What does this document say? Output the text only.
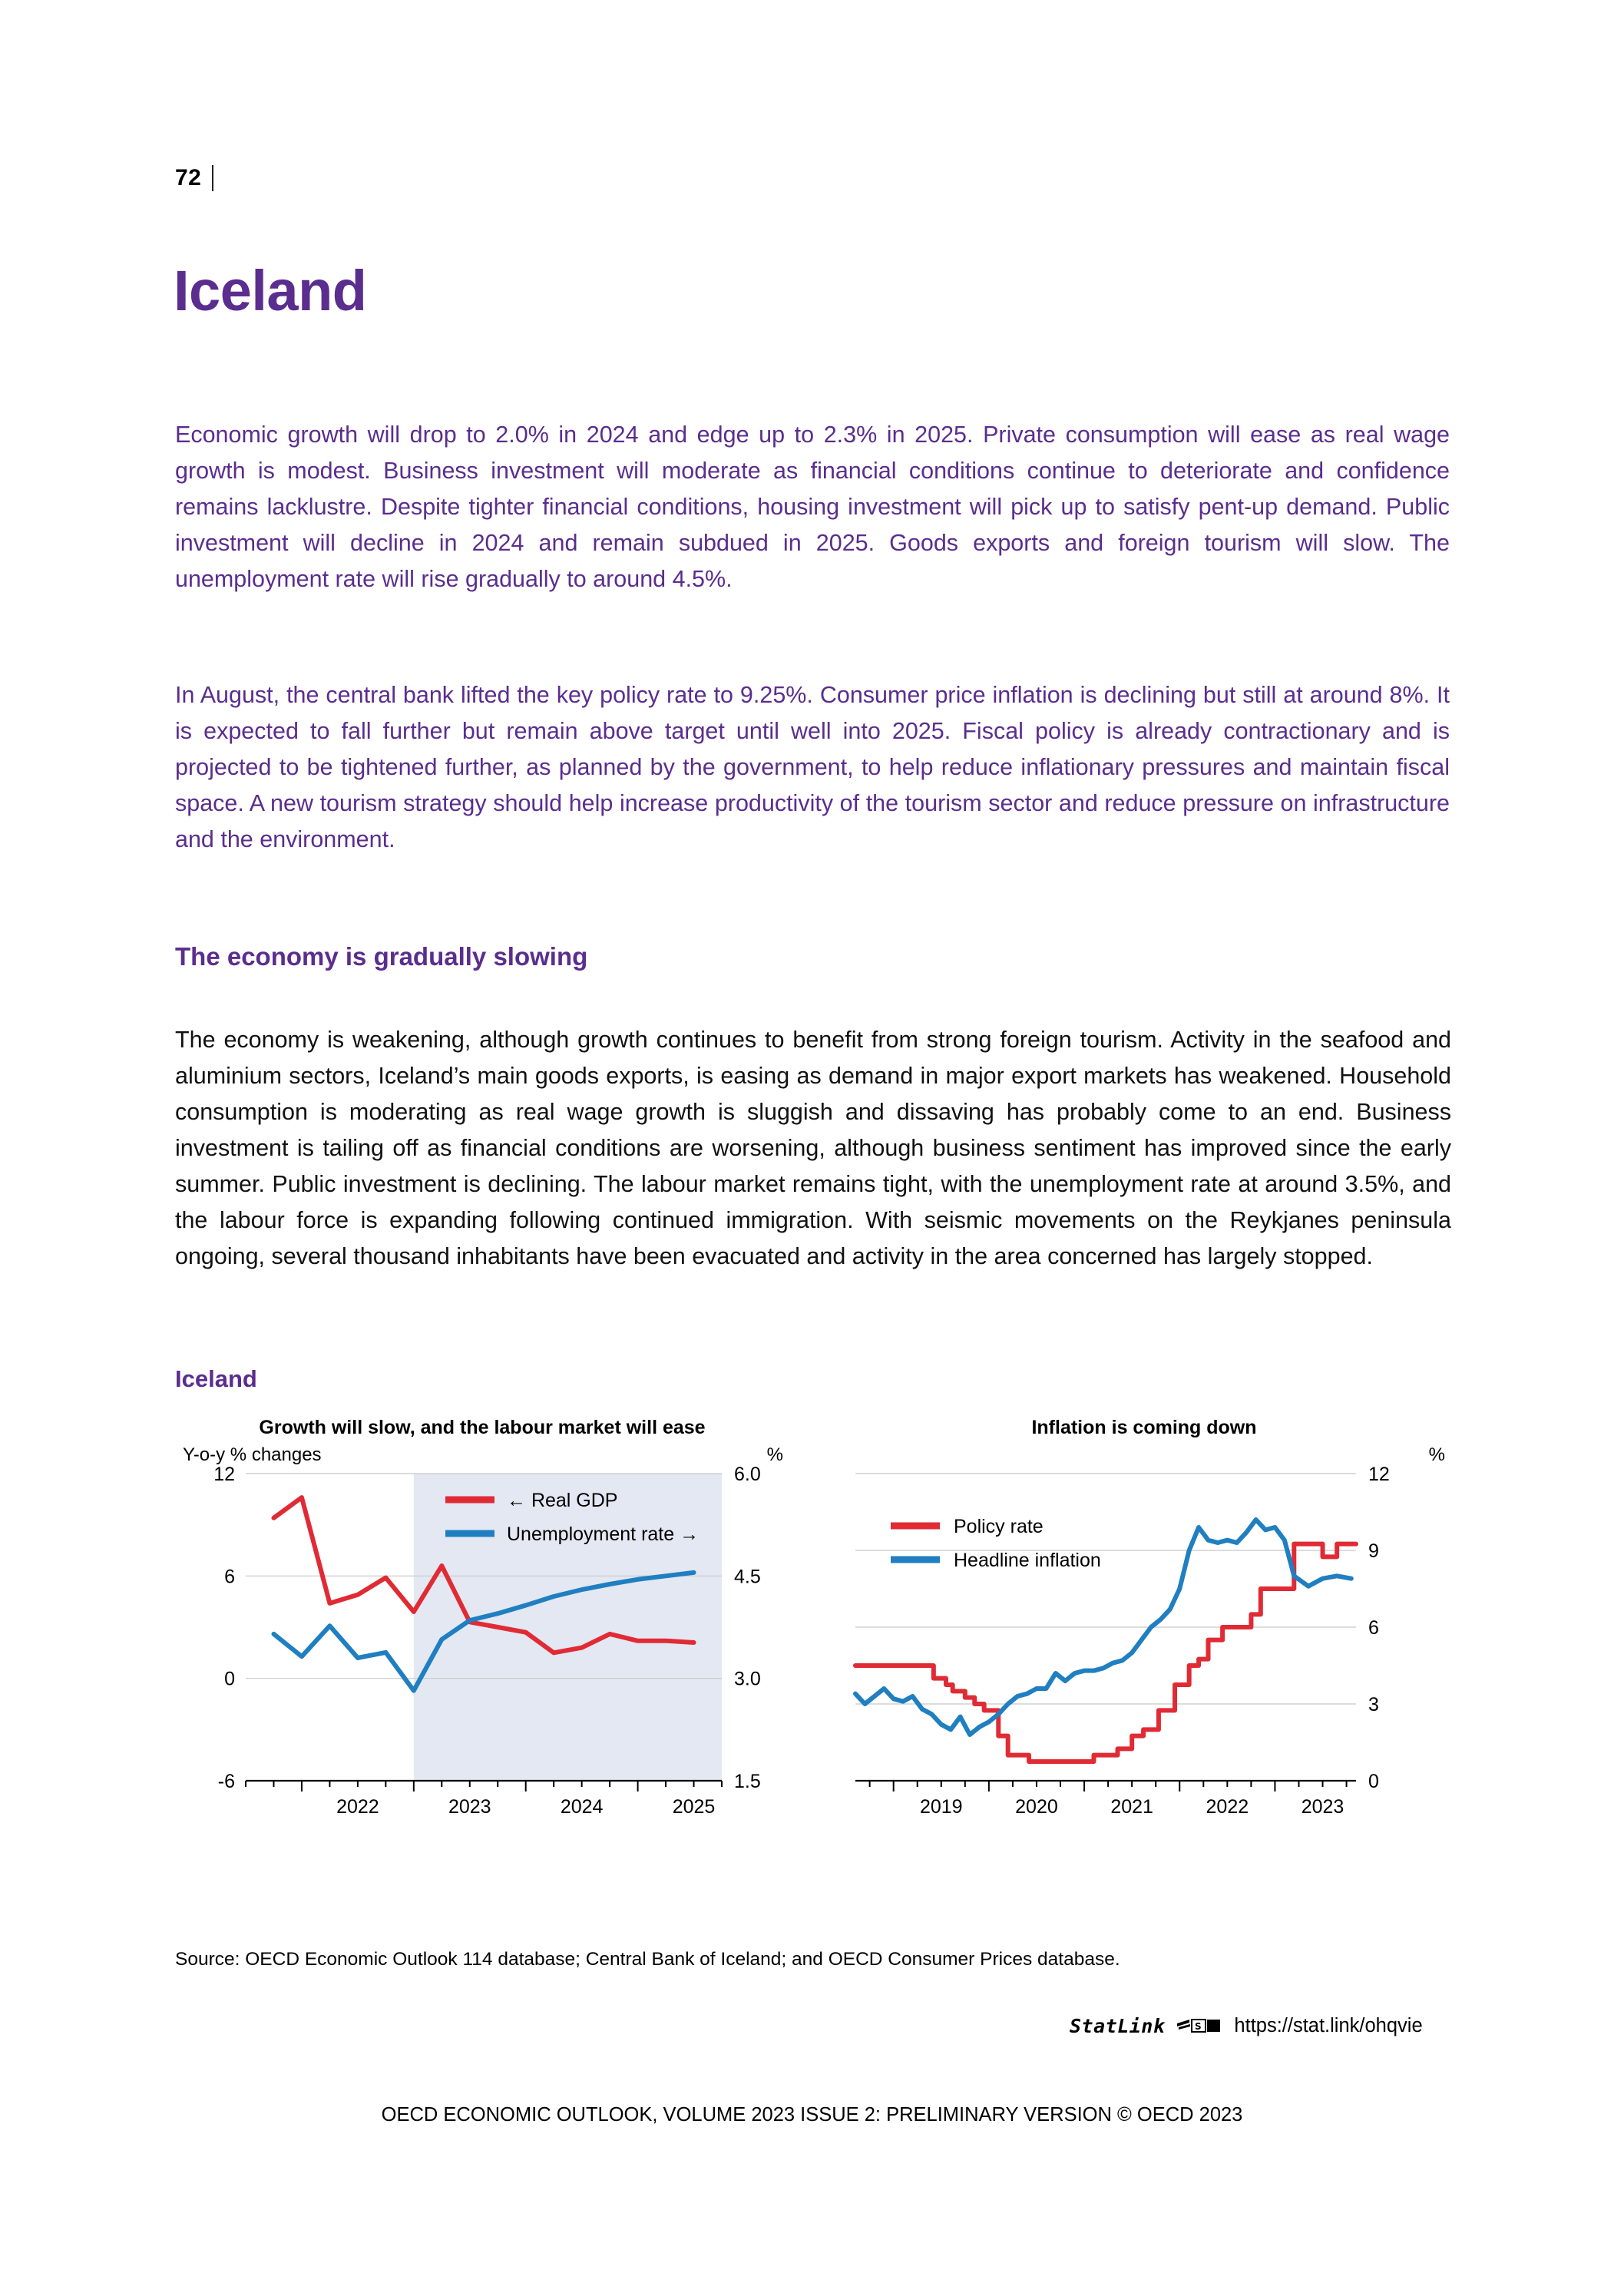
72
Iceland

Economic growth will drop to 2.0% in 2024 and edge up to 2.3% in 2025. Private consumption will ease as real wage growth is modest. Business investment will moderate as financial conditions continue to deteriorate and confidence remains lacklustre. Despite tighter financial conditions, housing investment will pick up to satisfy pent-up demand. Public investment will decline in 2024 and remain subdued in 2025. Goods exports and foreign tourism will slow. The unemployment rate will rise gradually to around 4.5%.

In August, the central bank lifted the key policy rate to 9.25%. Consumer price inflation is declining but still at around 8%. It is expected to fall further but remain above target until well into 2025. Fiscal policy is already contractionary and is projected to be tightened further, as planned by the government, to help reduce inflationary pressures and maintain fiscal space. A new tourism strategy should help increase productivity of the tourism sector and reduce pressure on infrastructure and the environment.

The economy is gradually slowing

The economy is weakening, although growth continues to benefit from strong foreign tourism. Activity in the seafood and aluminium sectors, Iceland’s main goods exports, is easing as demand in major export markets has weakened. Household consumption is moderating as real wage growth is sluggish and dissaving has probably come to an end. Business investment is tailing off as financial conditions are worsening, although business sentiment has improved since the early summer. Public investment is declining. The labour market remains tight, with the unemployment rate at around 3.5%, and the labour force is expanding following continued immigration. With seismic movements on the Reykjanes peninsula ongoing, several thousand inhabitants have been evacuated and activity in the area concerned has largely stopped.

Iceland
Growth will slow, and the labour market will ease
Y-o-y % changes	%
12
6
0
-6
6.0
4.5
3.0
1.5
2022	2023	2024	2025
← Real GDP
Unemployment rate →
Inflation is coming down
%
12
9
6
3
0
2019	2020	2021	2022	2023
Policy rate
Headline inflation
Source: OECD Economic Outlook 114 database; Central Bank of Iceland; and OECD Consumer Prices database.
StatLink	S https://stat.link/ohqvie
OECD ECONOMIC OUTLOOK, VOLUME 2023 ISSUE 2: PRELIMINARY VERSION © OECD 2023
